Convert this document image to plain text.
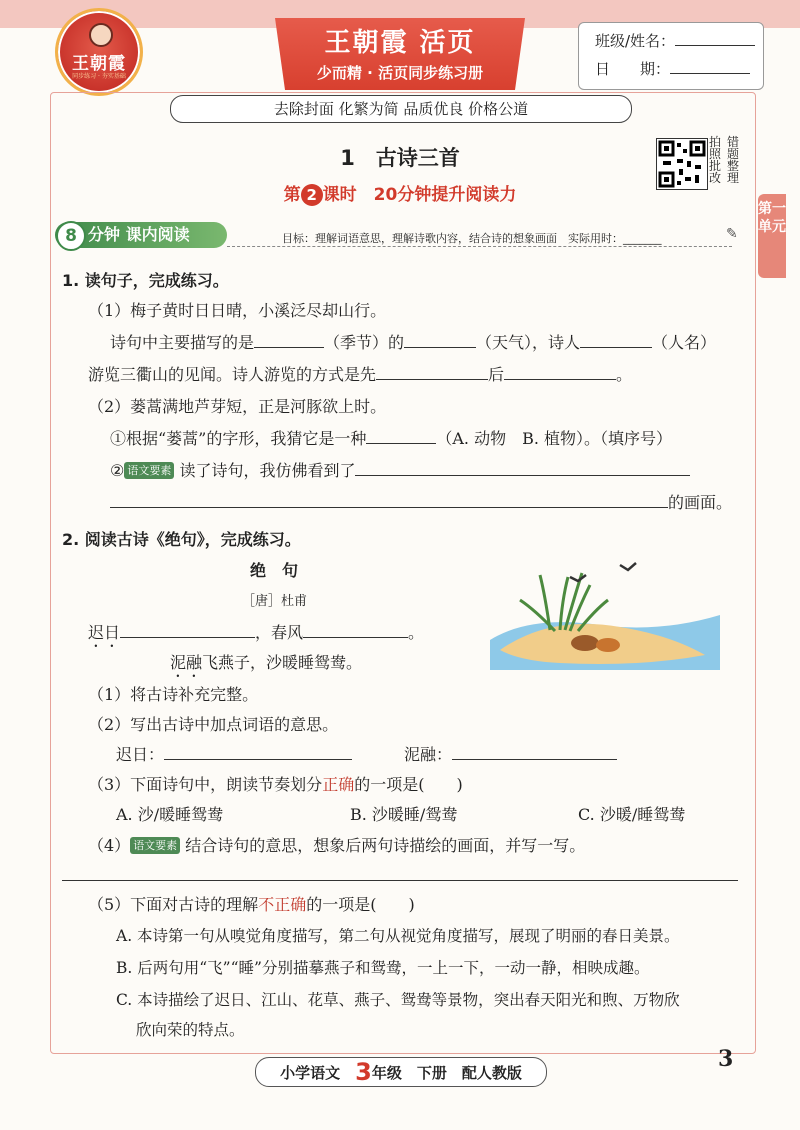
王朝霞
同步练习 · 夯实基础
王朝霞 活页
少而精 · 活页同步练习册
班级/姓名：
日　　期：
去除封面 化繁为简 品质优良 价格公道
1　古诗三首
拍
照
批
改
错
题
整
理
第 2 课时　20分钟提升阅读力
第一单元
8 分钟 课内阅读	目标：理解词语意思，理解诗歌内容，结合诗的想象画面　实际用时：_______	✎
1. 读句子，完成练习。
（1）梅子黄时日日晴，小溪泛尽却山行。
诗句中主要描写的是	（季节）的	（天气），诗人	（人名）
游览三衢山的见闻。诗人游览的方式是先	后	。
（2）蒌蒿满地芦芽短，正是河豚欲上时。
①根据“蒌蒿”的字形，我猜它是一种	（A. 动物　B. 植物）。（填序号）
② 语文要素 读了诗句，我仿佛看到了
的画面。
2. 阅读古诗《绝句》，完成练习。
绝　句
［唐］杜甫
迟日	，春风	。
泥融飞燕子，沙暖睡鸳鸯。
（1）将古诗补充完整。
（2）写出古诗中加点词语的意思。
迟日：	泥融：
（3）下面诗句中，朗读节奏划分正确的一项是(　　)
A. 沙/暖睡鸳鸯	B. 沙暖睡/鸳鸯	C. 沙暖/睡鸳鸯
（4） 语文要素 结合诗句的意思，想象后两句诗描绘的画面，并写一写。
（5）下面对古诗的理解不正确的一项是(　　)
A. 本诗第一句从嗅觉角度描写，第二句从视觉角度描写，展现了明丽的春日美景。
B. 后两句用“飞”“睡”分别描摹燕子和鸳鸯，一上一下，一动一静，相映成趣。
C. 本诗描绘了迟日、江山、花草、燕子、鸳鸯等景物，突出春天阳光和煦、万物欣
欣向荣的特点。
小学语文　 3年级　下册　配人教版
3
